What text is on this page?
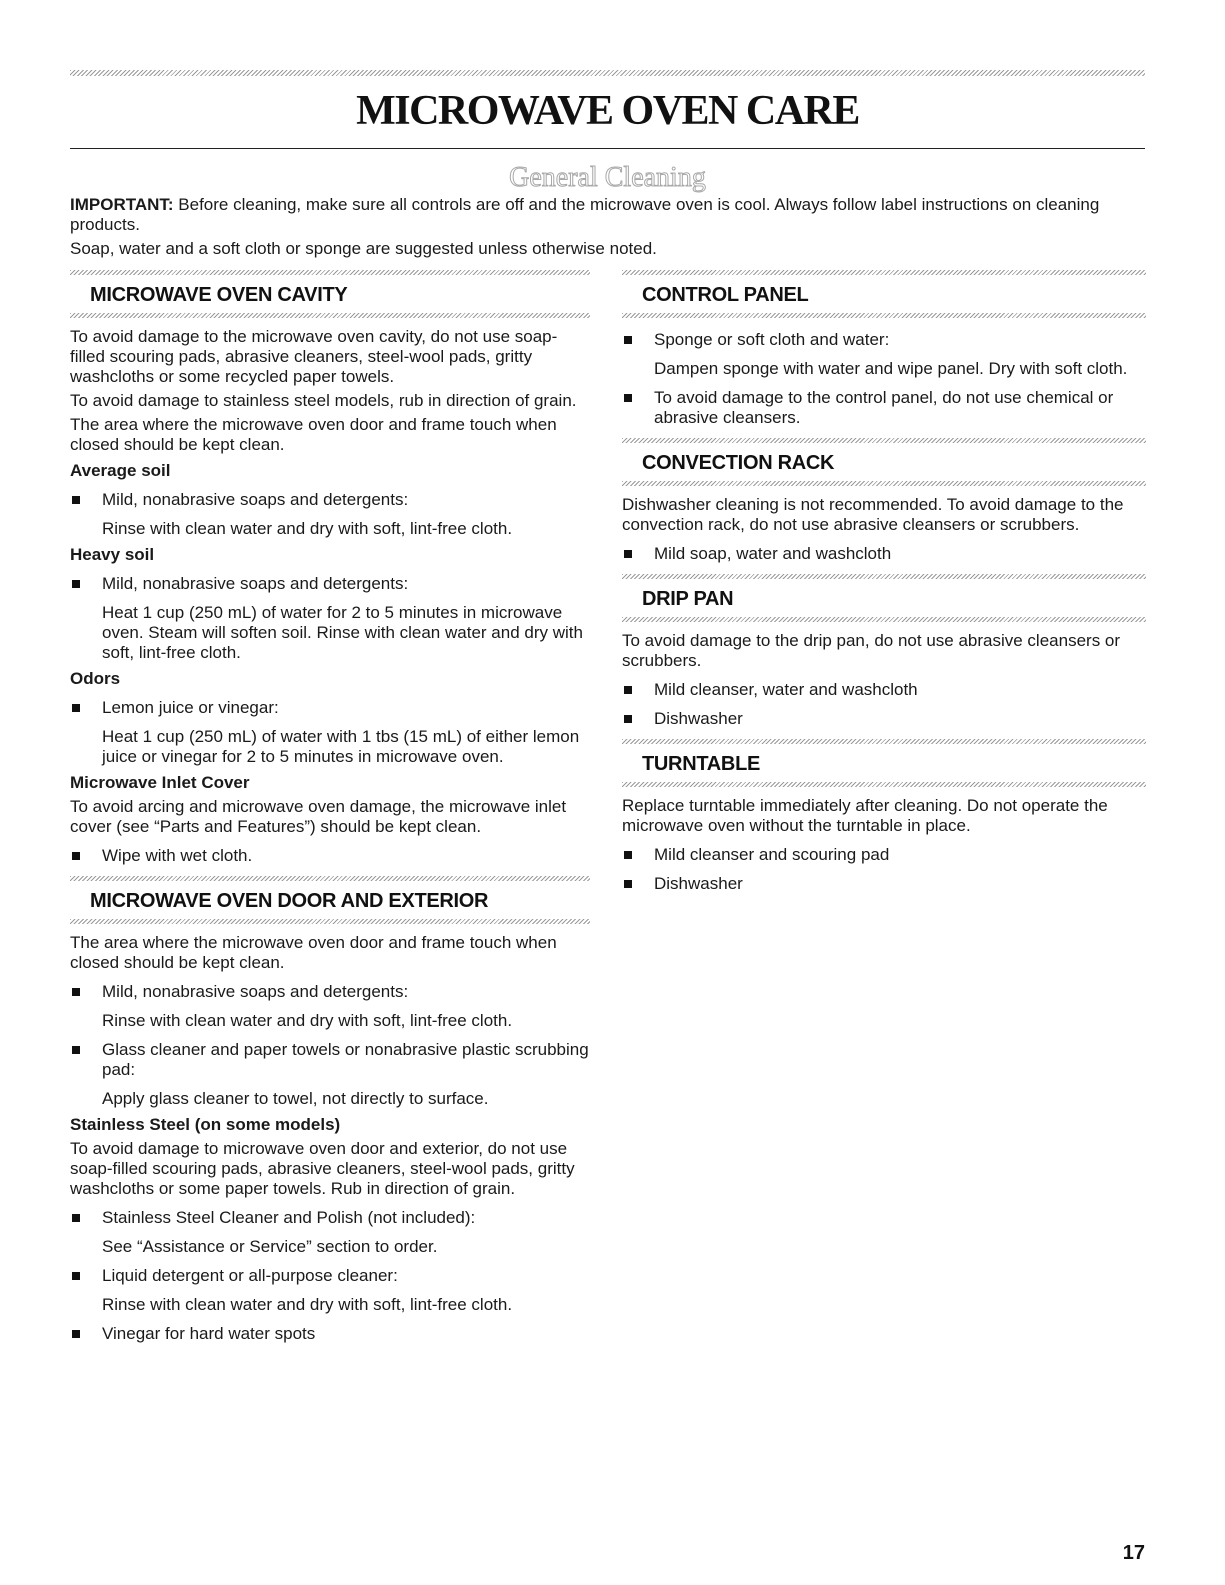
MICROWAVE OVEN CARE
General Cleaning
IMPORTANT: Before cleaning, make sure all controls are off and the microwave oven is cool. Always follow label instructions on cleaning products.
Soap, water and a soft cloth or sponge are suggested unless otherwise noted.
MICROWAVE OVEN CAVITY

To avoid damage to the microwave oven cavity, do not use soap-filled scouring pads, abrasive cleaners, steel-wool pads, gritty washcloths or some recycled paper towels.

To avoid damage to stainless steel models, rub in direction of grain.

The area where the microwave oven door and frame touch when closed should be kept clean.

Average soil

Mild, nonabrasive soaps and detergents:

Rinse with clean water and dry with soft, lint-free cloth.

Heavy soil

Mild, nonabrasive soaps and detergents:

Heat 1 cup (250 mL) of water for 2 to 5 minutes in microwave oven. Steam will soften soil. Rinse with clean water and dry with soft, lint-free cloth.

Odors

Lemon juice or vinegar:

Heat 1 cup (250 mL) of water with 1 tbs (15 mL) of either lemon juice or vinegar for 2 to 5 minutes in microwave oven.

Microwave Inlet Cover

To avoid arcing and microwave oven damage, the microwave inlet cover (see “Parts and Features”) should be kept clean.

Wipe with wet cloth.
MICROWAVE OVEN DOOR AND EXTERIOR

The area where the microwave oven door and frame touch when closed should be kept clean.

Mild, nonabrasive soaps and detergents:

Rinse with clean water and dry with soft, lint-free cloth.

Glass cleaner and paper towels or nonabrasive plastic scrubbing pad:

Apply glass cleaner to towel, not directly to surface.

Stainless Steel (on some models)

To avoid damage to microwave oven door and exterior, do not use soap-filled scouring pads, abrasive cleaners, steel-wool pads, gritty washcloths or some paper towels. Rub in direction of grain.

Stainless Steel Cleaner and Polish (not included):

See “Assistance or Service” section to order.

Liquid detergent or all-purpose cleaner:

Rinse with clean water and dry with soft, lint-free cloth.

Vinegar for hard water spots
CONTROL PANEL
Sponge or soft cloth and water:

Dampen sponge with water and wipe panel. Dry with soft cloth.

To avoid damage to the control panel, do not use chemical or abrasive cleansers.
CONVECTION RACK

Dishwasher cleaning is not recommended. To avoid damage to the convection rack, do not use abrasive cleansers or scrubbers.

Mild soap, water and washcloth
DRIP PAN

To avoid damage to the drip pan, do not use abrasive cleansers or scrubbers.

Mild cleanser, water and washcloth
Dishwasher
TURNTABLE

Replace turntable immediately after cleaning. Do not operate the microwave oven without the turntable in place.

Mild cleanser and scouring pad
Dishwasher
17
